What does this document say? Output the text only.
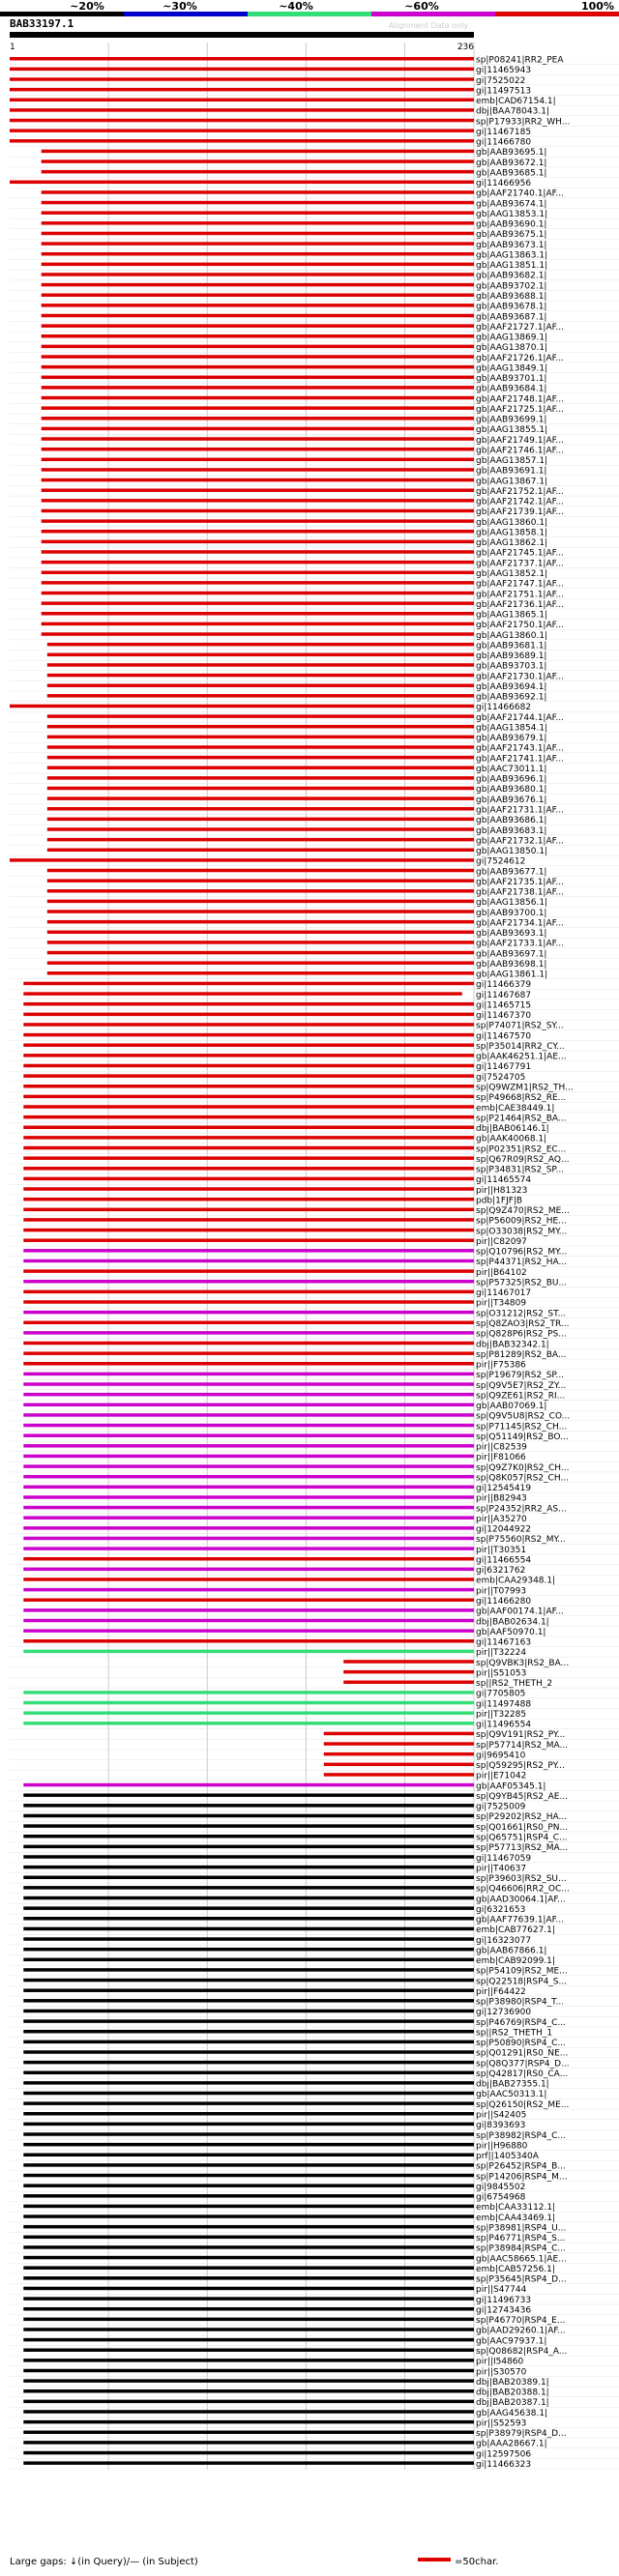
~20%	~30%	~40%	~60%	100%
BAB33197.1	Alignment Data only
1	236
sp|P08241|RR2_PEA
gi|11465943
gi|7525022
gi|11497513
emb|CAD67154.1|
dbj|BAA78043.1|
sp|P17933|RR2_WH...
gi|11467185
gi|11466780
gb|AAB93695.1|
gb|AAB93672.1|
gb|AAB93685.1|
gi|11466956
gb|AAF21740.1|AF...
gb|AAB93674.1|
gb|AAG13853.1|
gb|AAB93690.1|
gb|AAB93675.1|
gb|AAB93673.1|
gb|AAG13863.1|
gb|AAG13851.1|
gb|AAB93682.1|
gb|AAB93702.1|
gb|AAB93688.1|
gb|AAB93678.1|
gb|AAB93687.1|
gb|AAF21727.1|AF...
gb|AAG13869.1|
gb|AAG13870.1|
gb|AAF21726.1|AF...
gb|AAG13849.1|
gb|AAB93701.1|
gb|AAB93684.1|
gb|AAF21748.1|AF...
gb|AAF21725.1|AF...
gb|AAB93699.1|
gb|AAG13855.1|
gb|AAF21749.1|AF...
gb|AAF21746.1|AF...
gb|AAG13857.1|
gb|AAB93691.1|
gb|AAG13867.1|
gb|AAF21752.1|AF...
gb|AAF21742.1|AF...
gb|AAF21739.1|AF...
gb|AAG13860.1|
gb|AAG13858.1|
gb|AAG13862.1|
gb|AAF21745.1|AF...
gb|AAF21737.1|AF...
gb|AAG13852.1|
gb|AAF21747.1|AF...
gb|AAF21751.1|AF...
gb|AAF21736.1|AF...
gb|AAG13865.1|
gb|AAF21750.1|AF...
gb|AAG13860.1|
gb|AAB93681.1|
gb|AAB93689.1|
gb|AAB93703.1|
gb|AAF21730.1|AF...
gb|AAB93694.1|
gb|AAB93692.1|
gi|11466682
gb|AAF21744.1|AF...
gb|AAG13854.1|
gb|AAB93679.1|
gb|AAF21743.1|AF...
gb|AAF21741.1|AF...
gb|AAC73011.1|
gb|AAB93696.1|
gb|AAB93680.1|
gb|AAB93676.1|
gb|AAF21731.1|AF...
gb|AAB93686.1|
gb|AAB93683.1|
gb|AAF21732.1|AF...
gb|AAG13850.1|
gi|7524612
gb|AAB93677.1|
gb|AAF21735.1|AF...
gb|AAF21738.1|AF...
gb|AAG13856.1|
gb|AAB93700.1|
gb|AAF21734.1|AF...
gb|AAB93693.1|
gb|AAF21733.1|AF...
gb|AAB93697.1|
gb|AAB93698.1|
gb|AAG13861.1|
gi|11466379
gi|11467687
gi|11465715
gi|11467370
sp|P74071|RS2_SY...
gi|11467570
sp|P35014|RR2_CY...
gb|AAK46251.1|AE...
gi|11467791
gi|7524705
sp|Q9WZM1|RS2_TH...
sp|P49668|RS2_RE...
emb|CAE38449.1|
sp|P21464|RS2_BA...
dbj|BAB06146.1|
gb|AAK40068.1|
sp|P02351|RS2_EC...
sp|Q67R09|RS2_AQ...
sp|P34831|RS2_SP...
gi|11465574
pir||H81323
pdb|1FJF|B
sp|Q9Z470|RS2_ME...
sp|P56009|RS2_HE...
sp|O33038|RS2_MY...
pir||C82097
sp|Q10796|RS2_MY...
sp|P44371|RS2_HA...
pir||B64102
sp|P57325|RS2_BU...
gi|11467017
pir||T34809
sp|O31212|RS2_ST...
sp|Q8ZAO3|RS2_TR...
sp|Q828P6|RS2_PS...
dbj|BAB32342.1|
sp|P81289|RS2_BA...
pir||F75386
sp|P19679|RS2_SP...
sp|Q9V5E7|RS2_ZY...
sp|Q9ZE61|RS2_RI...
gb|AAB07069.1|
sp|Q9V5U8|RS2_CO...
sp|P71145|RS2_CH...
sp|Q51149|RS2_BO...
pir||C82539
pir||F81066
sp|Q9Z7K0|RS2_CH...
sp|Q8K057|RS2_CH...
gi|12545419
pir||B82943
sp|P24352|RR2_AS...
pir||A35270
gi|12044922
sp|P75560|RS2_MY...
pir||T30351
gi|11466554
gi|6321762
emb|CAA29348.1|
pir||T07993
gi|11466280
gb|AAF00174.1|AF...
dbj|BAB02634.1|
gb|AAF50970.1|
gi|11467163
pir||T32224
sp|Q9VBK3|RS2_BA...
pir||S51053
sp||RS2_THETH_2
gi|7705805
gi|11497488
pir||T32285
gi|11496554
sp|Q9V191|RS2_PY...
sp|P57714|RS2_MA...
gi|9695410
sp|Q59295|RS2_PY...
pir||E71042
gb|AAF05345.1|
sp|Q9YB45|RS2_AE...
gi|7525009
sp|P29202|RS2_HA...
sp|Q01661|RS0_PN...
sp|Q65751|RSP4_C...
sp|P57713|RS2_MA...
gi|11467059
pir||T40637
sp|P39603|RS2_SU...
sp|Q46606|RR2_OC...
gb|AAD30064.1|AF...
gi|6321653
gb|AAF77639.1|AF...
emb|CAB77627.1|
gi|16323077
gb|AAB67866.1|
emb|CAB92099.1|
sp|P54109|RS2_ME...
sp|Q22518|RSP4_S...
pir||F64422
sp|P38980|RSP4_T...
gi|12736900
sp|P46769|RSP4_C...
sp||RS2_THETH_1
sp|P50890|RSP4_C...
sp|Q01291|RS0_NE...
sp|Q8Q377|RSP4_D...
sp|Q42817|RS0_CA...
dbj|BAB27355.1|
gb|AAC50313.1|
sp|Q26150|RS2_ME...
pir||S42405
gi|8393693
sp|P38982|RSP4_C...
pir||H96880
prf||1405340A
sp|P26452|RSP4_B...
sp|P14206|RSP4_M...
gi|9845502
gi|6754968
emb|CAA33112.1|
emb|CAA43469.1|
sp|P38981|RSP4_U...
sp|P46771|RSP4_S...
sp|P38984|RSP4_C...
gb|AAC58665.1|AE...
emb|CAB57256.1|
sp|P35645|RSP4_D...
pir||S47744
gi|11496733
gi|12743436
sp|P46770|RSP4_E...
gb|AAD29260.1|AF...
gb|AAC97937.1|
sp|Q08682|RSP4_A...
pir||I54860
pir||S30570
dbj|BAB20389.1|
dbj|BAB20388.1|
dbj|BAB20387.1|
gb|AAG45638.1|
pir||S52593
sp|P38979|RSP4_D...
gb|AAA28667.1|
gi|12597506
gi|11466323
Large gaps: ↓(in Query)/— (in Subject)	=50char.
